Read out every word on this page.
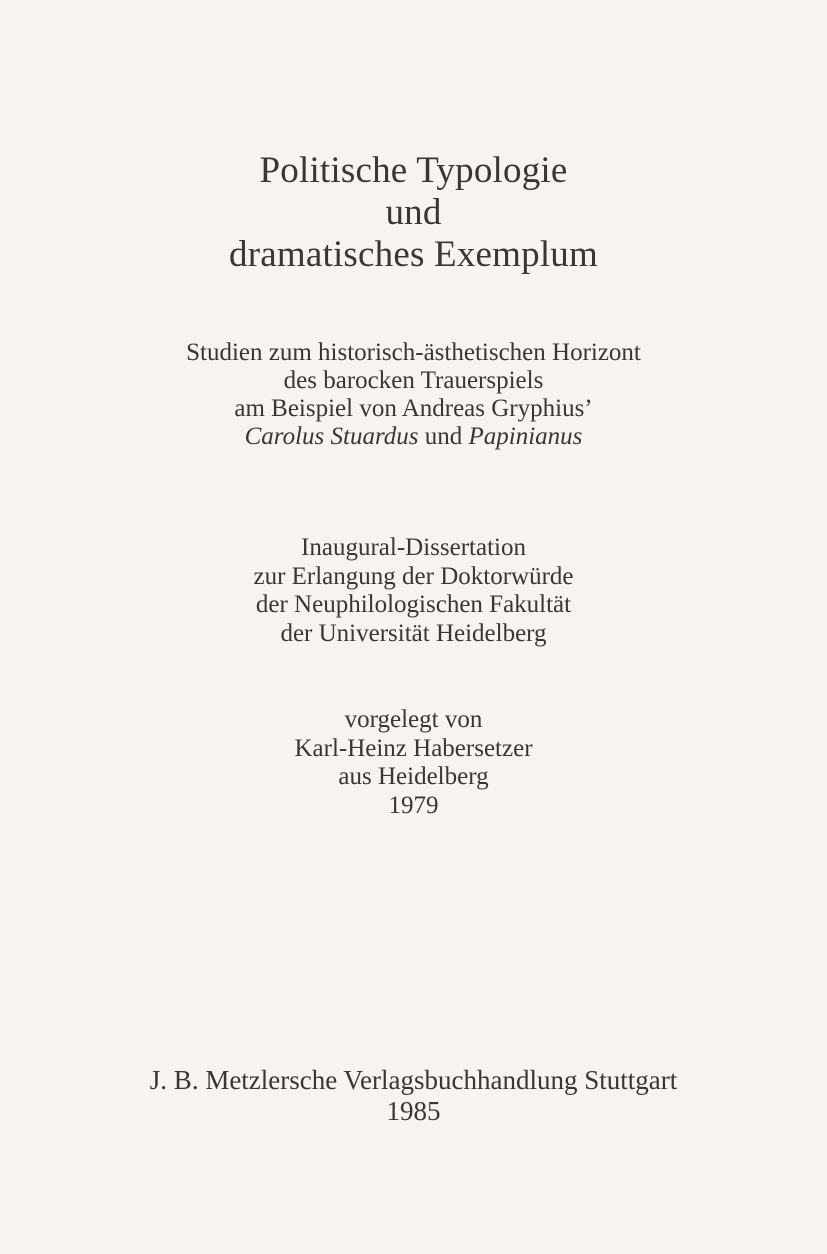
Politische Typologie
und
dramatisches Exemplum
Studien zum historisch-ästhetischen Horizont
des barocken Trauerspiels
am Beispiel von Andreas Gryphius’
Carolus Stuardus und Papinianus
Inaugural-Dissertation
zur Erlangung der Doktorwürde
der Neuphilologischen Fakultät
der Universität Heidelberg
vorgelegt von
Karl-Heinz Habersetzer
aus Heidelberg
1979
J. B. Metzlersche Verlagsbuchhandlung Stuttgart
1985
